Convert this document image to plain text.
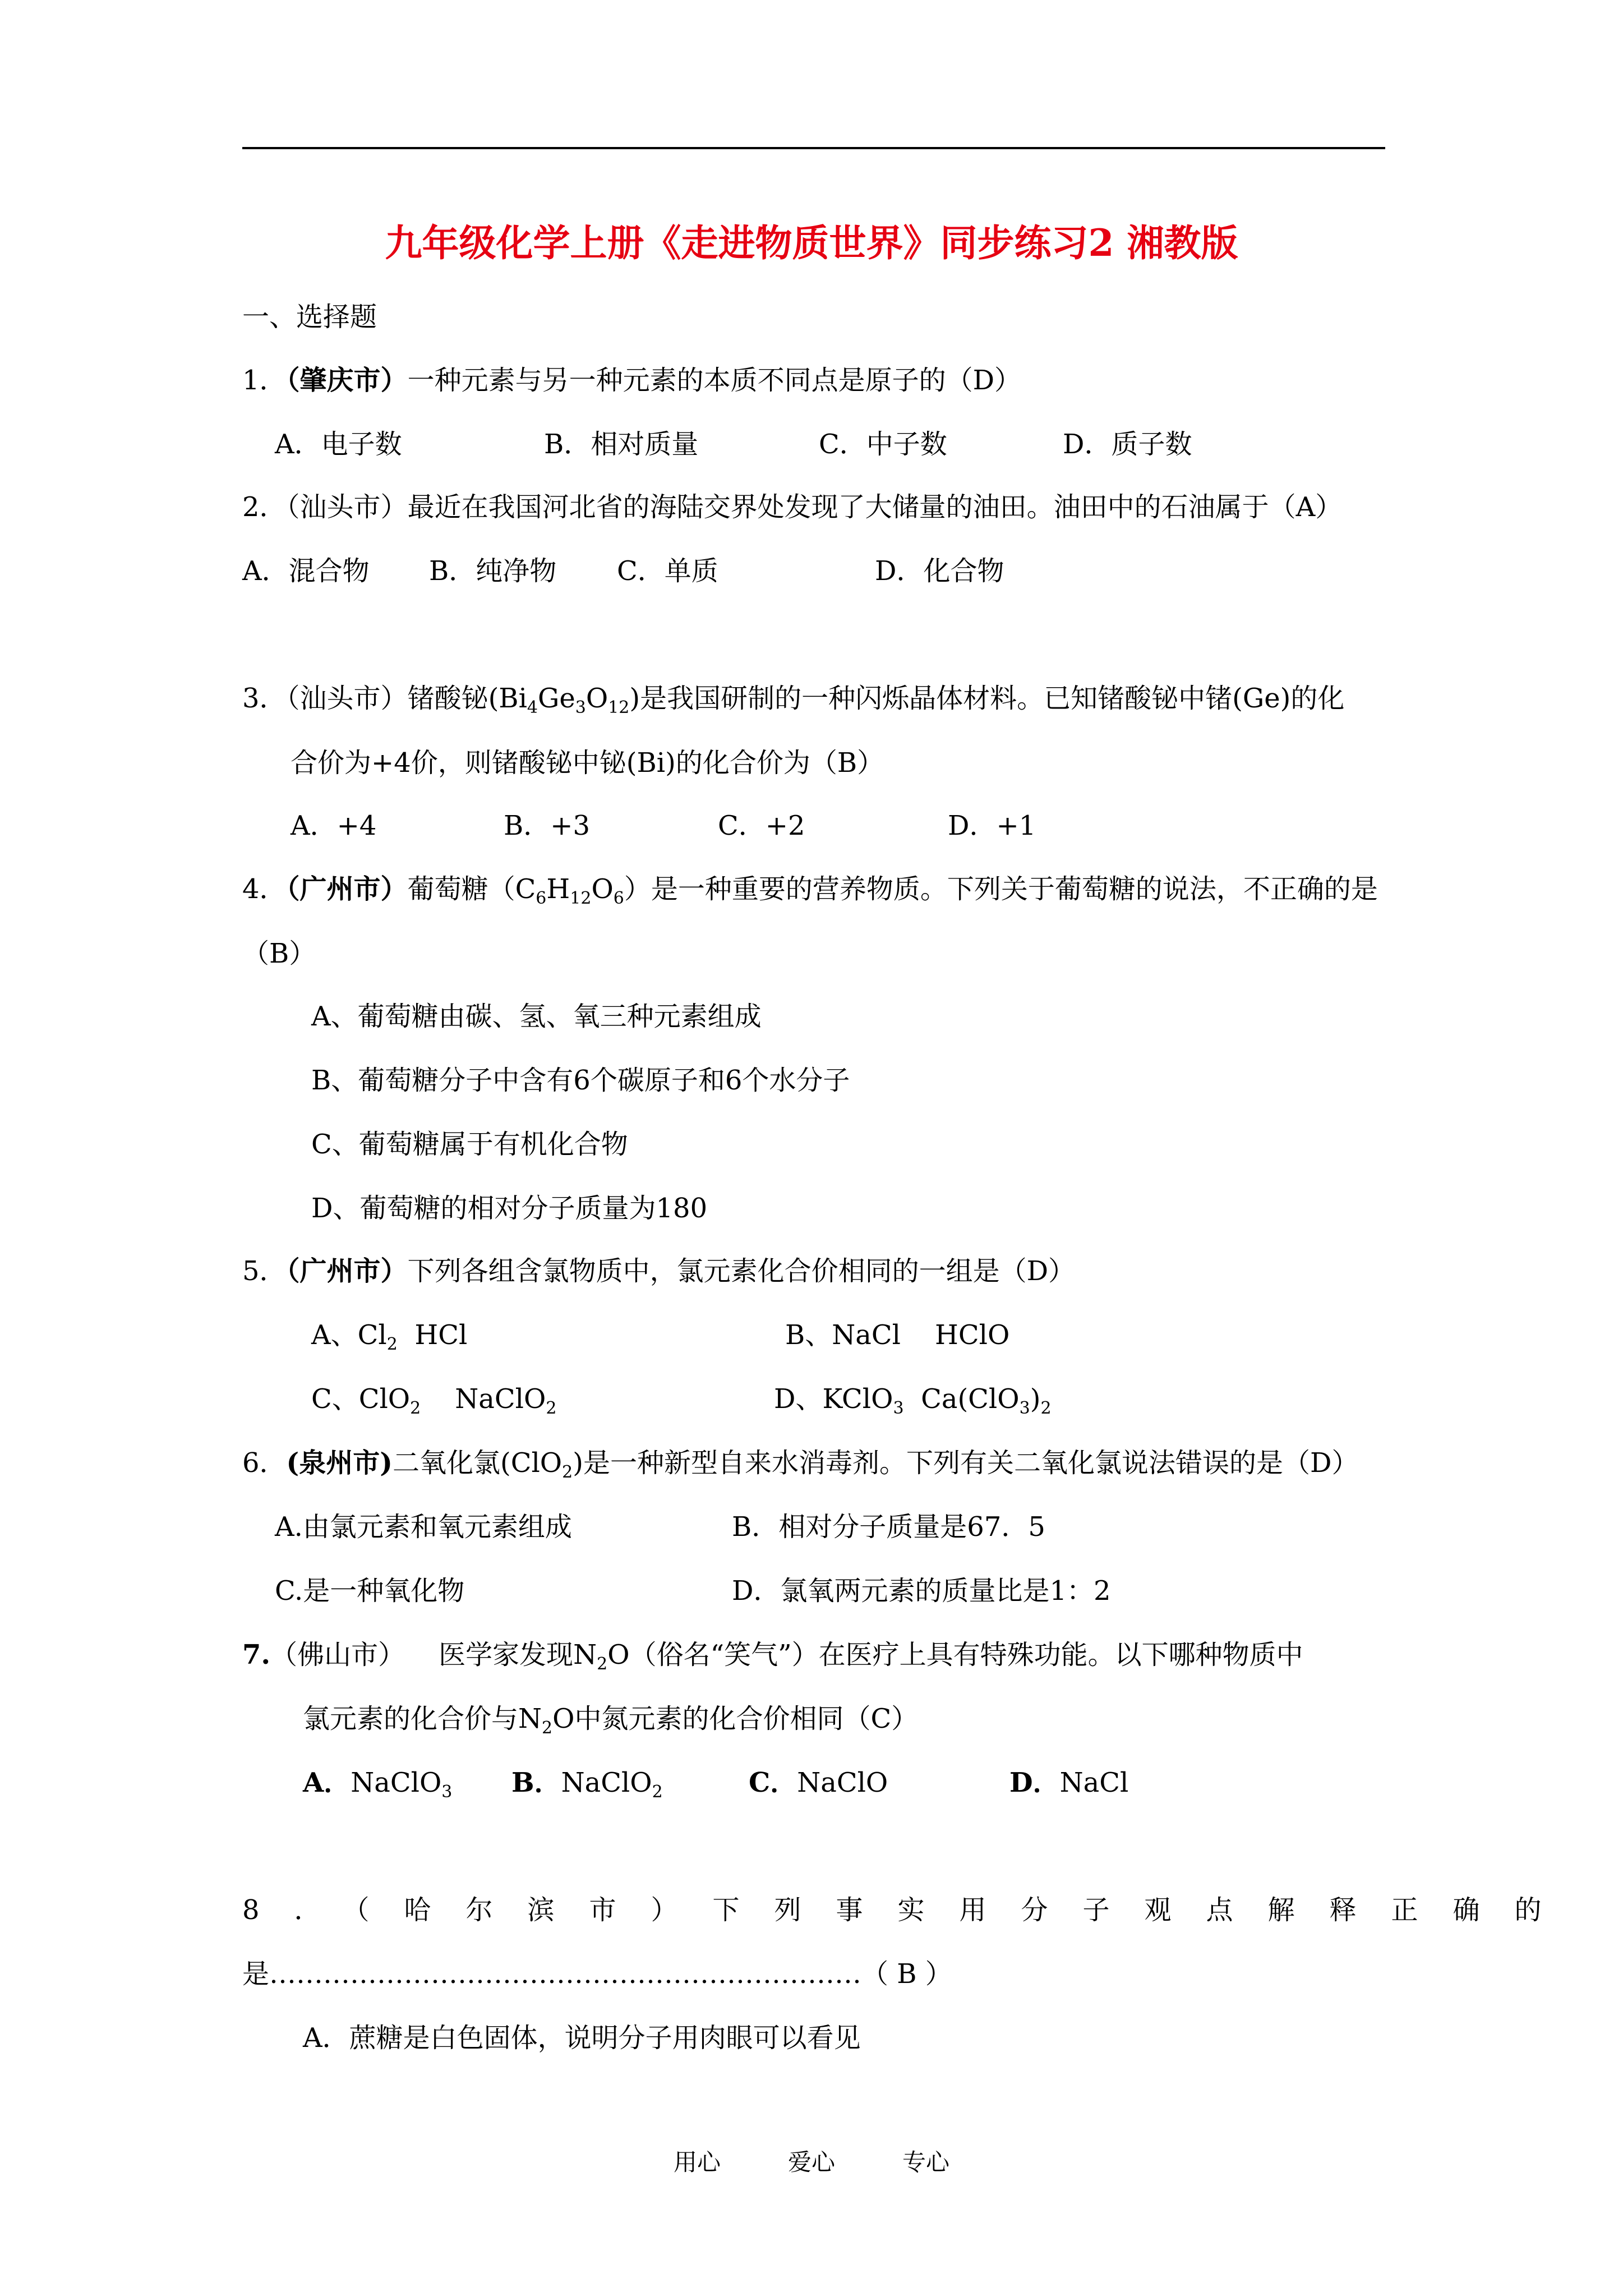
九年级化学上册《走进物质世界》同步练习2 湘教版
一、选择题
1．（肇庆市）一种元素与另一种元素的本质不同点是原子的（D）
A．电子数	B．相对质量	C．中子数	D．质子数
2．（汕头市）最近在我国河北省的海陆交界处发现了大储量的油田。油田中的石油属于（A）
A．混合物 B．纯净物 C．单质	D．化合物
3．（汕头市）锗酸铋$(Bi_4Ge_3O_{12})$是我国研制的一种闪烁晶体材料。已知锗酸铋中锗(Ge)的化
合价为+4价，则锗酸铋中铋(Bi)的化合价为（B）
A．+4	B．+3	C．+2	D．+1
4．（广州市）葡萄糖$(C_6H_{12}O_6)$是一种重要的营养物质。下列关于葡萄糖的说法，不正确的是
（B）
A、葡萄糖由碳、氢、氧三种元素组成
B、葡萄糖分子中含有6个碳原子和6个水分子
C、葡萄糖属于有机化合物
D、葡萄糖的相对分子质量为180
5．（广州市）下列各组含氯物质中，氯元素化合价相同的一组是（D）
A、$Cl_2$  HCl	B、NaCl    HClO
C、ClO$_2$    NaClO$_2$	D、KClO$_3$  $Ca(ClO_3)_2$
6．(泉州市)二氧化氯(ClO$_2$)是一种新型自来水消毒剂。下列有关二氧化氯说法错误的是（D）
A.由氯元素和氧元素组成	B．相对分子质量是67．5
C.是一种氧化物	D．氯氧两元素的质量比是1：2
7.（佛山市） 医学家发现$N_2O$（俗名“笑气”）在医疗上具有特殊功能。以下哪种物质中
氯元素的化合价与$N_2O$中氮元素的化合价相同（C）
A．NaClO$_3$ B．NaClO$_2$	C．NaClO	D．NaCl
8．（哈尔滨市）下列事实用分子观点解释正确的
是…………………………………………………………（ B ）
A．蔗糖是白色固体，说明分子用肉眼可以看见
用心	爱心	专心
